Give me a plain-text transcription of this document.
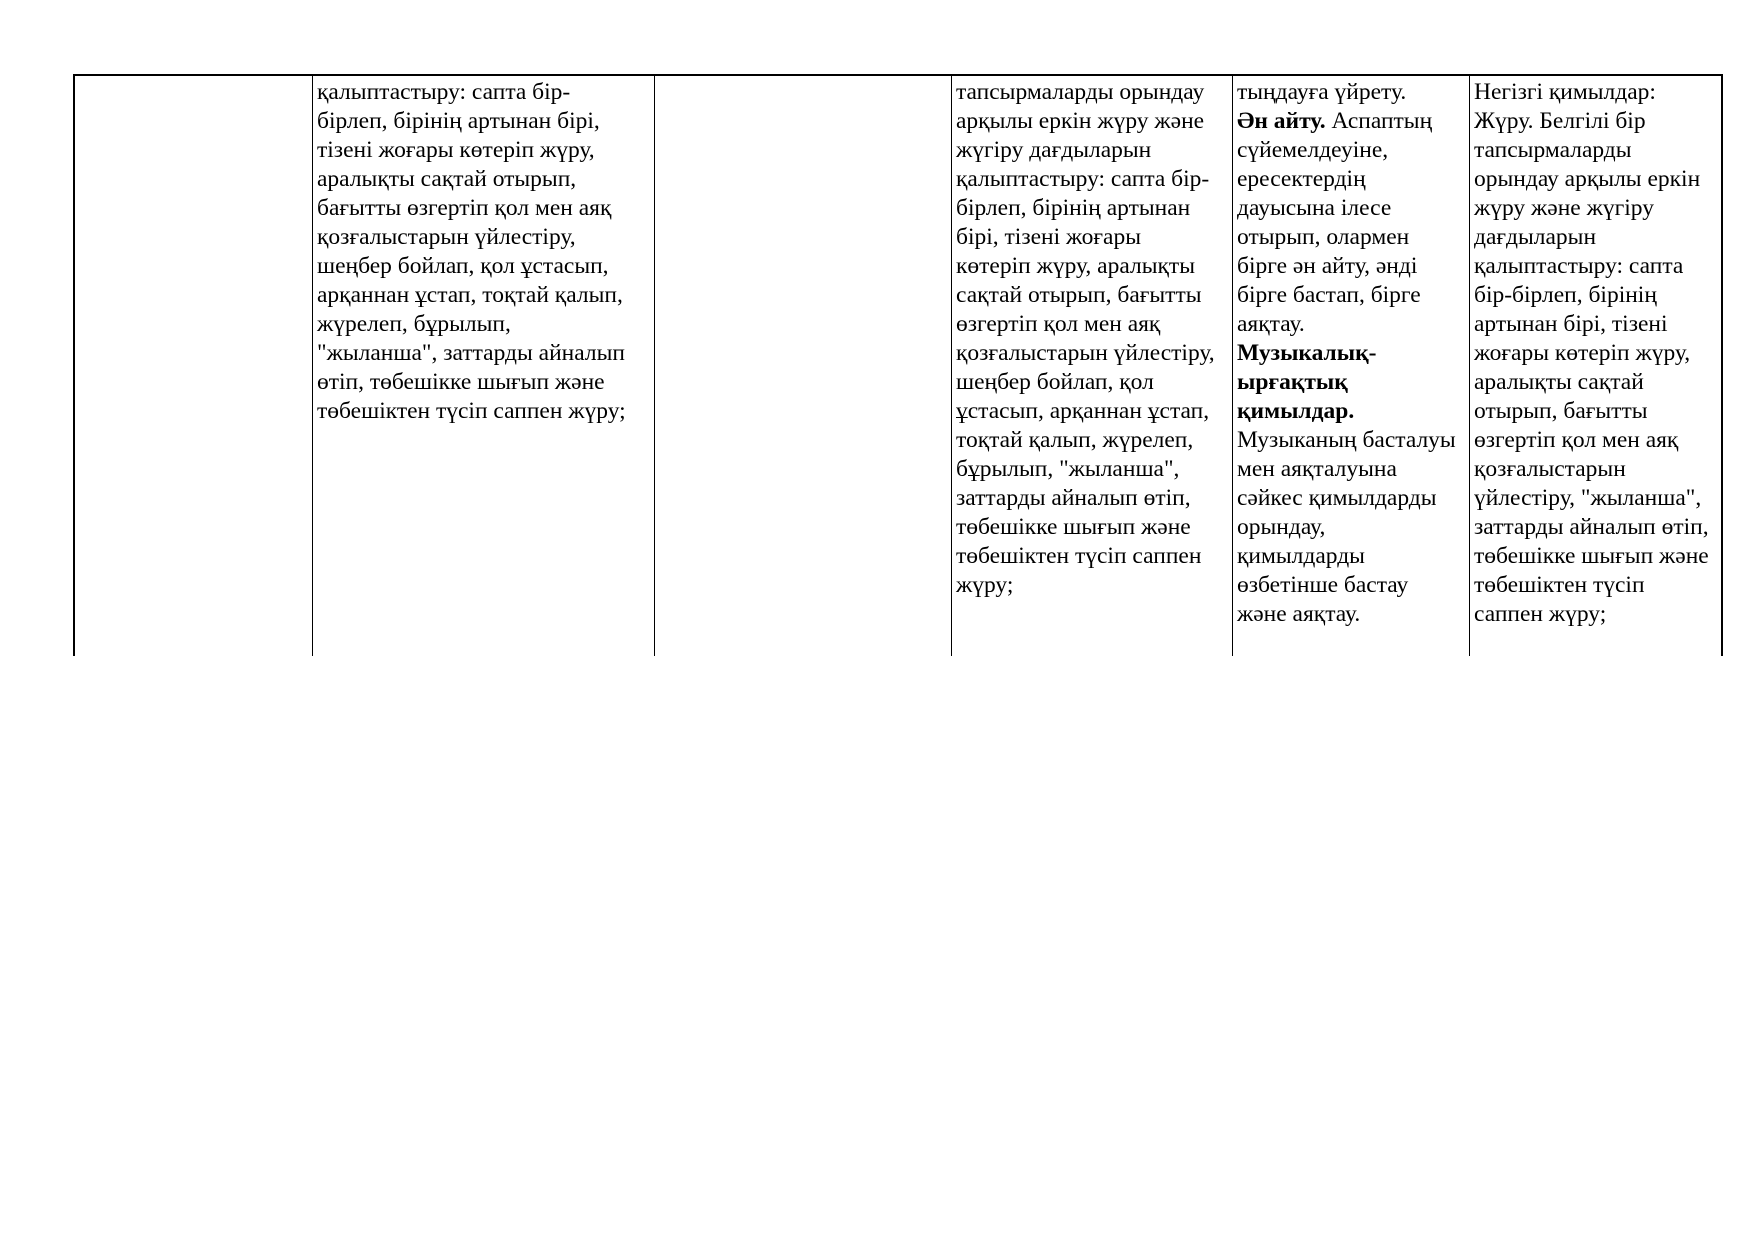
қалыптастыру: сапта бір-
бірлеп, бірінің артынан бірі,
тізені жоғары көтеріп жүру,
аралықты сақтай отырып,
бағытты өзгертіп қол мен аяқ
қозғалыстарын үйлестіру,
шеңбер бойлап, қол ұстасып,
арқаннан ұстап, тоқтай қалып,
жүрелеп, бұрылып,
"жыланша", заттарды айналып
өтіп, төбешікке шығып және
төбешіктен түсіп саппен жүру;
тапсырмаларды орындау
арқылы еркін жүру және
жүгіру дағдыларын
қалыптастыру: сапта бір-
бірлеп, бірінің артынан
бірі, тізені жоғары
көтеріп жүру, аралықты
сақтай отырып, бағытты
өзгертіп қол мен аяқ
қозғалыстарын үйлестіру,
шеңбер бойлап, қол
ұстасып, арқаннан ұстап,
тоқтай қалып, жүрелеп,
бұрылып, "жыланша",
заттарды айналып өтіп,
төбешікке шығып және
төбешіктен түсіп саппен
жүру;
тыңдауға үйрету.
Ән айту. Аспаптың
сүйемелдеуіне,
ересектердің
дауысына ілесе
отырып, олармен
бірге ән айту, әнді
бірге бастап, бірге
аяқтау.
Музыкалық-
ырғақтық
қимылдар.
Музыканың басталуы
мен аяқталуына
сәйкес қимылдарды
орындау,
қимылдарды
өзбетінше бастау
және аяқтау.
Негізгі қимылдар:
Жүру. Белгілі бір
тапсырмаларды
орындау арқылы еркін
жүру және жүгіру
дағдыларын
қалыптастыру: сапта
бір-бірлеп, бірінің
артынан бірі, тізені
жоғары көтеріп жүру,
аралықты сақтай
отырып, бағытты
өзгертіп қол мен аяқ
қозғалыстарын
үйлестіру, "жыланша",
заттарды айналып өтіп,
төбешікке шығып және
төбешіктен түсіп
саппен жүру;
